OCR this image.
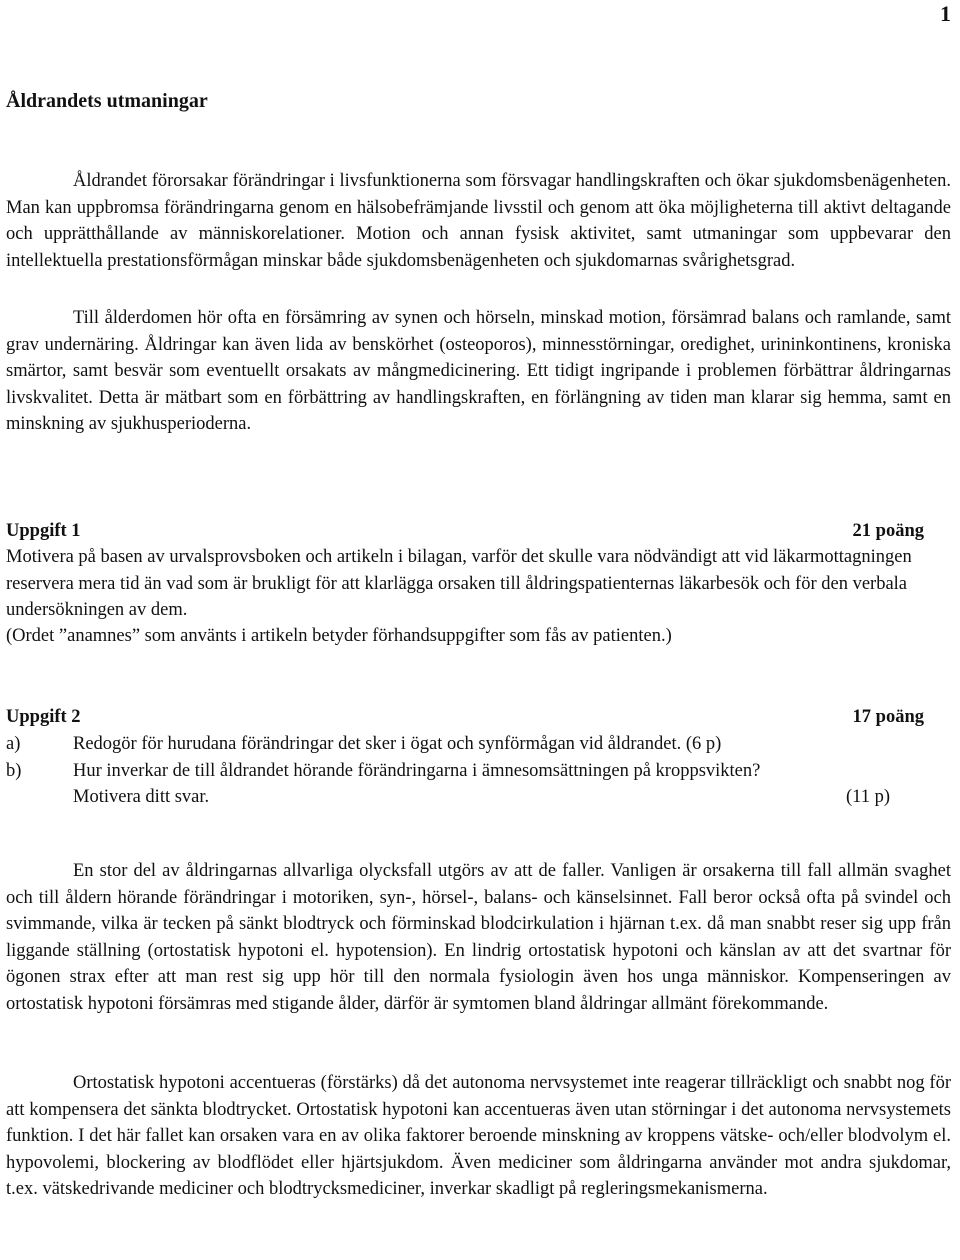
1
Åldrandets utmaningar

Åldrandet förorsakar förändringar i livsfunktionerna som försvagar handlingskraften och ökar sjukdomsbenägenheten. Man kan uppbromsa förändringarna genom en hälsobefrämjande livsstil och genom att öka möjligheterna till aktivt deltagande och upprätthållande av människorelationer. Motion och annan fysisk aktivitet, samt utmaningar som uppbevarar den intellektuella prestationsförmågan minskar både sjukdomsbenägenheten och sjukdomarnas svårighetsgrad.

Till ålderdomen hör ofta en försämring av synen och hörseln, minskad motion, försämrad balans och ramlande, samt grav undernäring. Åldringar kan även lida av benskörhet (osteoporos), minnesstörningar, oredighet, urininkontinens, kroniska smärtor, samt besvär som eventuellt orsakats av mångmedicinering. Ett tidigt ingripande i problemen förbättrar åldringarnas livskvalitet. Detta är mätbart som en förbättring av handlingskraften, en förlängning av tiden man klarar sig hemma, samt en minskning av sjukhusperioderna.

Uppgift 1	21 poäng

Motivera på basen av urvalsprovsboken och artikeln i bilagan, varför det skulle vara nödvändigt att vid läkarmottagningen reservera mera tid än vad som är brukligt för att klarlägga orsaken till åldringspatienternas läkarbesök och för den verbala undersökningen av dem.

(Ordet ”anamnes” som använts i artikeln betyder förhandsuppgifter som fås av patienten.)

Uppgift 2	17 poäng
a)	Redogör för hurudana förändringar det sker i ögat och synförmågan vid åldrandet. (6 p)
b)	Hur inverkar de till åldrandet hörande förändringarna i ämnesomsättningen på kroppsvikten?
Motivera ditt svar.	(11 p)

En stor del av åldringarnas allvarliga olycksfall utgörs av att de faller. Vanligen är orsakerna till fall allmän svaghet och till åldern hörande förändringar i motoriken, syn-, hörsel-, balans- och känselsinnet. Fall beror också ofta på svindel och svimmande, vilka är tecken på sänkt blodtryck och förminskad blodcirkulation i hjärnan t.ex. då man snabbt reser sig upp från liggande ställning (ortostatisk hypotoni el. hypotension). En lindrig ortostatisk hypotoni och känslan av att det svartnar för ögonen strax efter att man rest sig upp hör till den normala fysiologin även hos unga människor. Kompenseringen av ortostatisk hypotoni försämras med stigande ålder, därför är symtomen bland åldringar allmänt förekommande.

Ortostatisk hypotoni accentueras (förstärks) då det autonoma nervsystemet inte reagerar tillräckligt och snabbt nog för att kompensera det sänkta blodtrycket. Ortostatisk hypotoni kan accentueras även utan störningar i det autonoma nervsystemets funktion. I det här fallet kan orsaken vara en av olika faktorer beroende minskning av kroppens vätske- och/eller blodvolym el. hypovolemi, blockering av blodflödet eller hjärtsjukdom. Även mediciner som åldringarna använder mot andra sjukdomar, t.ex. vätskedrivande mediciner och blodtrycksmediciner, inverkar skadligt på regleringsmekanismerna.
